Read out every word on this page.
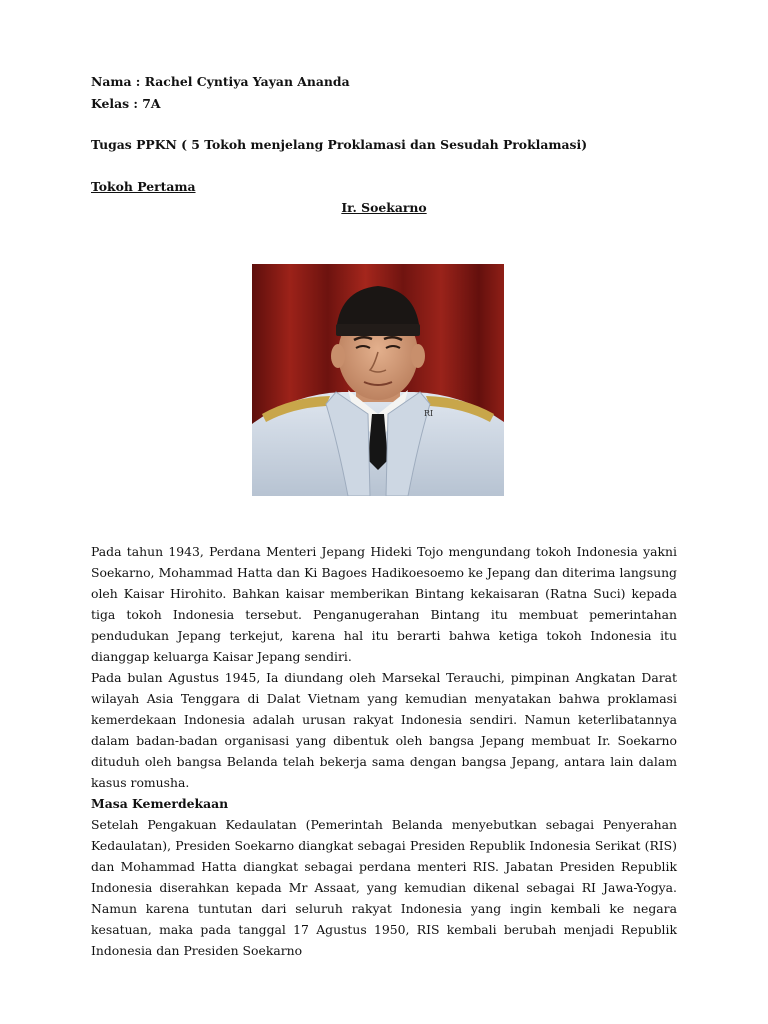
Nama : Rachel Cyntiya Yayan Ananda
Kelas : 7A
Tugas PPKN ( 5 Tokoh menjelang Proklamasi dan Sesudah Proklamasi)
Tokoh Pertama
Ir. Soekarno
RI

Pada tahun 1943, Perdana Menteri Jepang Hideki Tojo mengundang tokoh Indonesia yakni Soekarno, Mohammad Hatta dan Ki Bagoes Hadikoesoemo ke Jepang dan diterima langsung oleh Kaisar Hirohito. Bahkan kaisar memberikan Bintang kekaisaran (Ratna Suci) kepada tiga tokoh Indonesia tersebut. Penganugerahan Bintang itu membuat pemerintahan pendudukan Jepang terkejut, karena hal itu berarti bahwa ketiga tokoh Indonesia itu dianggap keluarga Kaisar Jepang sendiri.

Pada bulan Agustus 1945, Ia diundang oleh Marsekal Terauchi, pimpinan Angkatan Darat wilayah Asia Tenggara di Dalat Vietnam yang kemudian menyatakan bahwa proklamasi kemerdekaan Indonesia adalah urusan rakyat Indonesia sendiri. Namun keterlibatannya dalam badan-badan organisasi yang dibentuk oleh bangsa Jepang membuat Ir. Soekarno dituduh oleh bangsa Belanda telah bekerja sama dengan bangsa Jepang, antara lain dalam kasus romusha.

Masa Kemerdekaan

Setelah Pengakuan Kedaulatan (Pemerintah Belanda menyebutkan sebagai Penyerahan Kedaulatan), Presiden Soekarno diangkat sebagai Presiden Republik Indonesia Serikat (RIS) dan Mohammad Hatta diangkat sebagai perdana menteri RIS. Jabatan Presiden Republik Indonesia diserahkan kepada Mr Assaat, yang kemudian dikenal sebagai RI Jawa-Yogya. Namun karena tuntutan dari seluruh rakyat Indonesia yang ingin kembali ke negara kesatuan, maka pada tanggal 17 Agustus 1950, RIS kembali berubah menjadi Republik Indonesia dan Presiden Soekarno
